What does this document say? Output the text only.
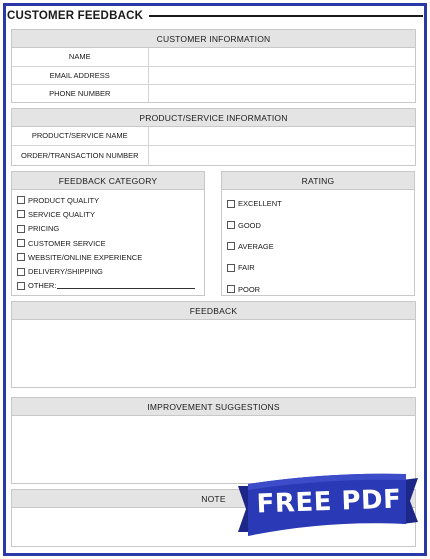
CUSTOMER FEEDBACK
CUSTOMER INFORMATION
NAME	
EMAIL ADDRESS	
PHONE NUMBER	
PRODUCT/SERVICE INFORMATION
PRODUCT/SERVICE NAME	
ORDER/TRANSACTION NUMBER	
FEEDBACK CATEGORY
PRODUCT QUALITY
SERVICE QUALITY
PRICING
CUSTOMER SERVICE
WEBSITE/ONLINE EXPERIENCE
DELIVERY/SHIPPING
OTHER:
RATING
EXCELLENT
GOOD
AVERAGE
FAIR
POOR
FEEDBACK
IMPROVEMENT SUGGESTIONS
NOTE	FREE PDF
